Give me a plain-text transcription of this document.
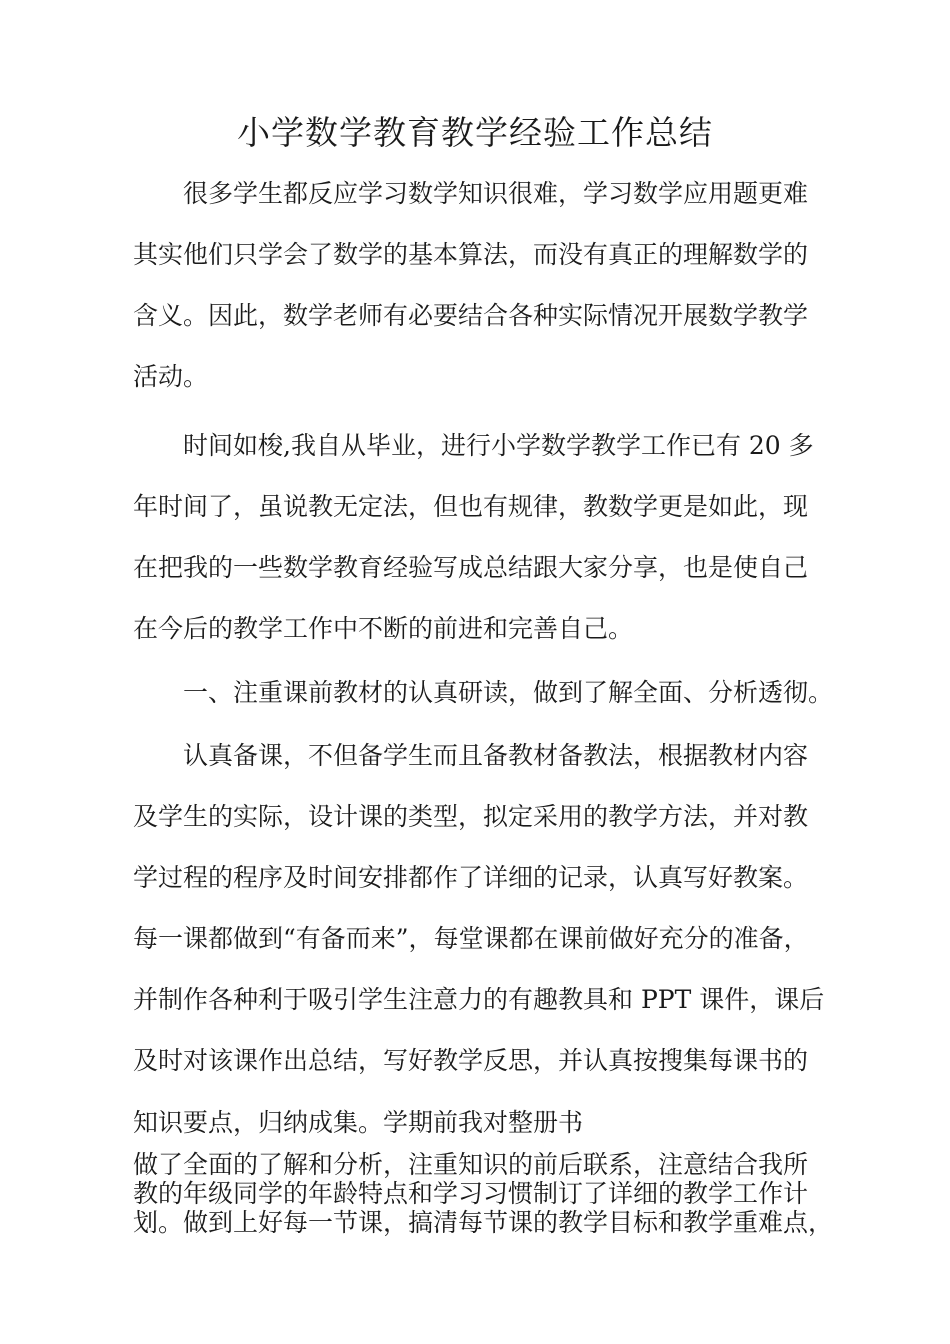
小学数学教育教学经验工作总结

很多学生都反应学习数学知识很难，学习数学应用题更难

其实他们只学会了数学的基本算法，而没有真正的理解数学的

含义。因此，数学老师有必要结合各种实际情况开展数学教学

活动。

时间如梭,我自从毕业，进行小学数学教学工作已有 20 多

年时间了，虽说教无定法，但也有规律，教数学更是如此，现

在把我的一些数学教育经验写成总结跟大家分享，也是使自己

在今后的教学工作中不断的前进和完善自己。

一、注重课前教材的认真研读，做到了解全面、分析透彻。

认真备课，不但备学生而且备教材备教法，根据教材内容

及学生的实际，设计课的类型，拟定采用的教学方法，并对教

学过程的程序及时间安排都作了详细的记录，认真写好教案。

每一课都做到“有备而来”，每堂课都在课前做好充分的准备，

并制作各种利于吸引学生注意力的有趣教具和 PPT 课件，课后

及时对该课作出总结，写好教学反思，并认真按搜集每课书的

知识要点，归纳成集。学期前我对整册书

做了全面的了解和分析，注重知识的前后联系，注意结合我所

教的年级同学的年龄特点和学习习惯制订了详细的教学工作计

划。做到上好每一节课，搞清每节课的教学目标和教学重难点，
